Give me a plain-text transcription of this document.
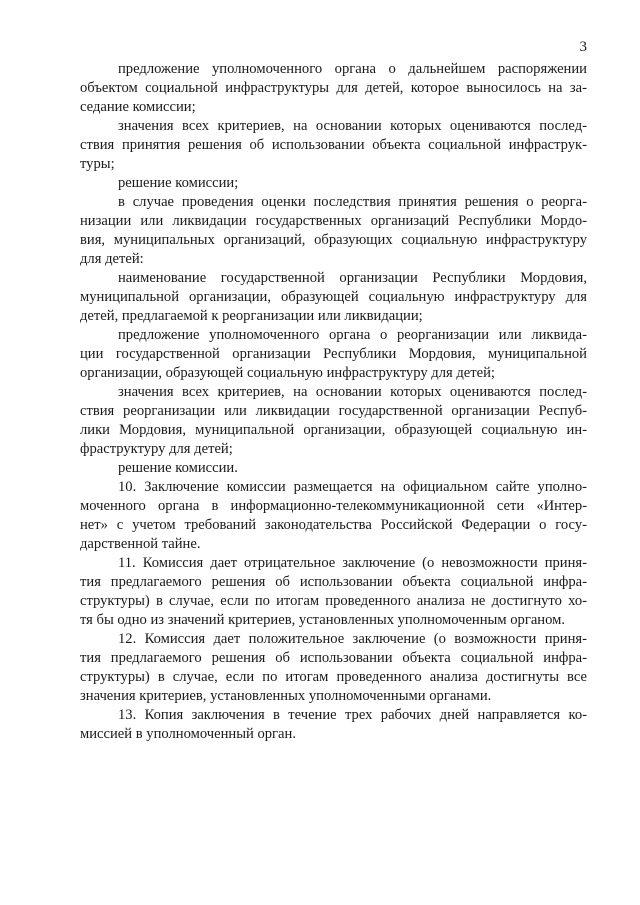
3
предложение уполномоченного органа о дальнейшем распоряжении
объектом социальной инфраструктуры для детей, которое выносилось на за-
седание комиссии;
значения всех критериев, на основании которых оцениваются послед-
ствия принятия решения об использовании объекта социальной инфраструк-
туры;
решение комиссии;
в случае проведения оценки последствия принятия решения о реорга-
низации или ликвидации государственных организаций Республики Мордо-
вия, муниципальных организаций, образующих социальную инфраструктуру
для детей:
наименование государственной организации Республики Мордовия,
муниципальной организации, образующей социальную инфраструктуру для
детей, предлагаемой к реорганизации или ликвидации;
предложение уполномоченного органа о реорганизации или ликвида-
ции государственной организации Республики Мордовия, муниципальной
организации, образующей социальную инфраструктуру для детей;
значения всех критериев, на основании которых оцениваются послед-
ствия реорганизации или ликвидации государственной организации Респуб-
лики Мордовия, муниципальной организации, образующей социальную ин-
фраструктуру для детей;
решение комиссии.
10. Заключение комиссии размещается на официальном сайте уполно-
моченного органа в информационно-телекоммуникационной сети «Интер-
нет» с учетом требований законодательства Российской Федерации о госу-
дарственной тайне.
11. Комиссия дает отрицательное заключение (о невозможности приня-
тия предлагаемого решения об использовании объекта социальной инфра-
структуры) в случае, если по итогам проведенного анализа не достигнуто хо-
тя бы одно из значений критериев, установленных уполномоченным органом.
12. Комиссия дает положительное заключение (о возможности приня-
тия предлагаемого решения об использовании объекта социальной инфра-
структуры) в случае, если по итогам проведенного анализа достигнуты все
значения критериев, установленных уполномоченными органами.
13. Копия заключения в течение трех рабочих дней направляется ко-
миссией в уполномоченный орган.
